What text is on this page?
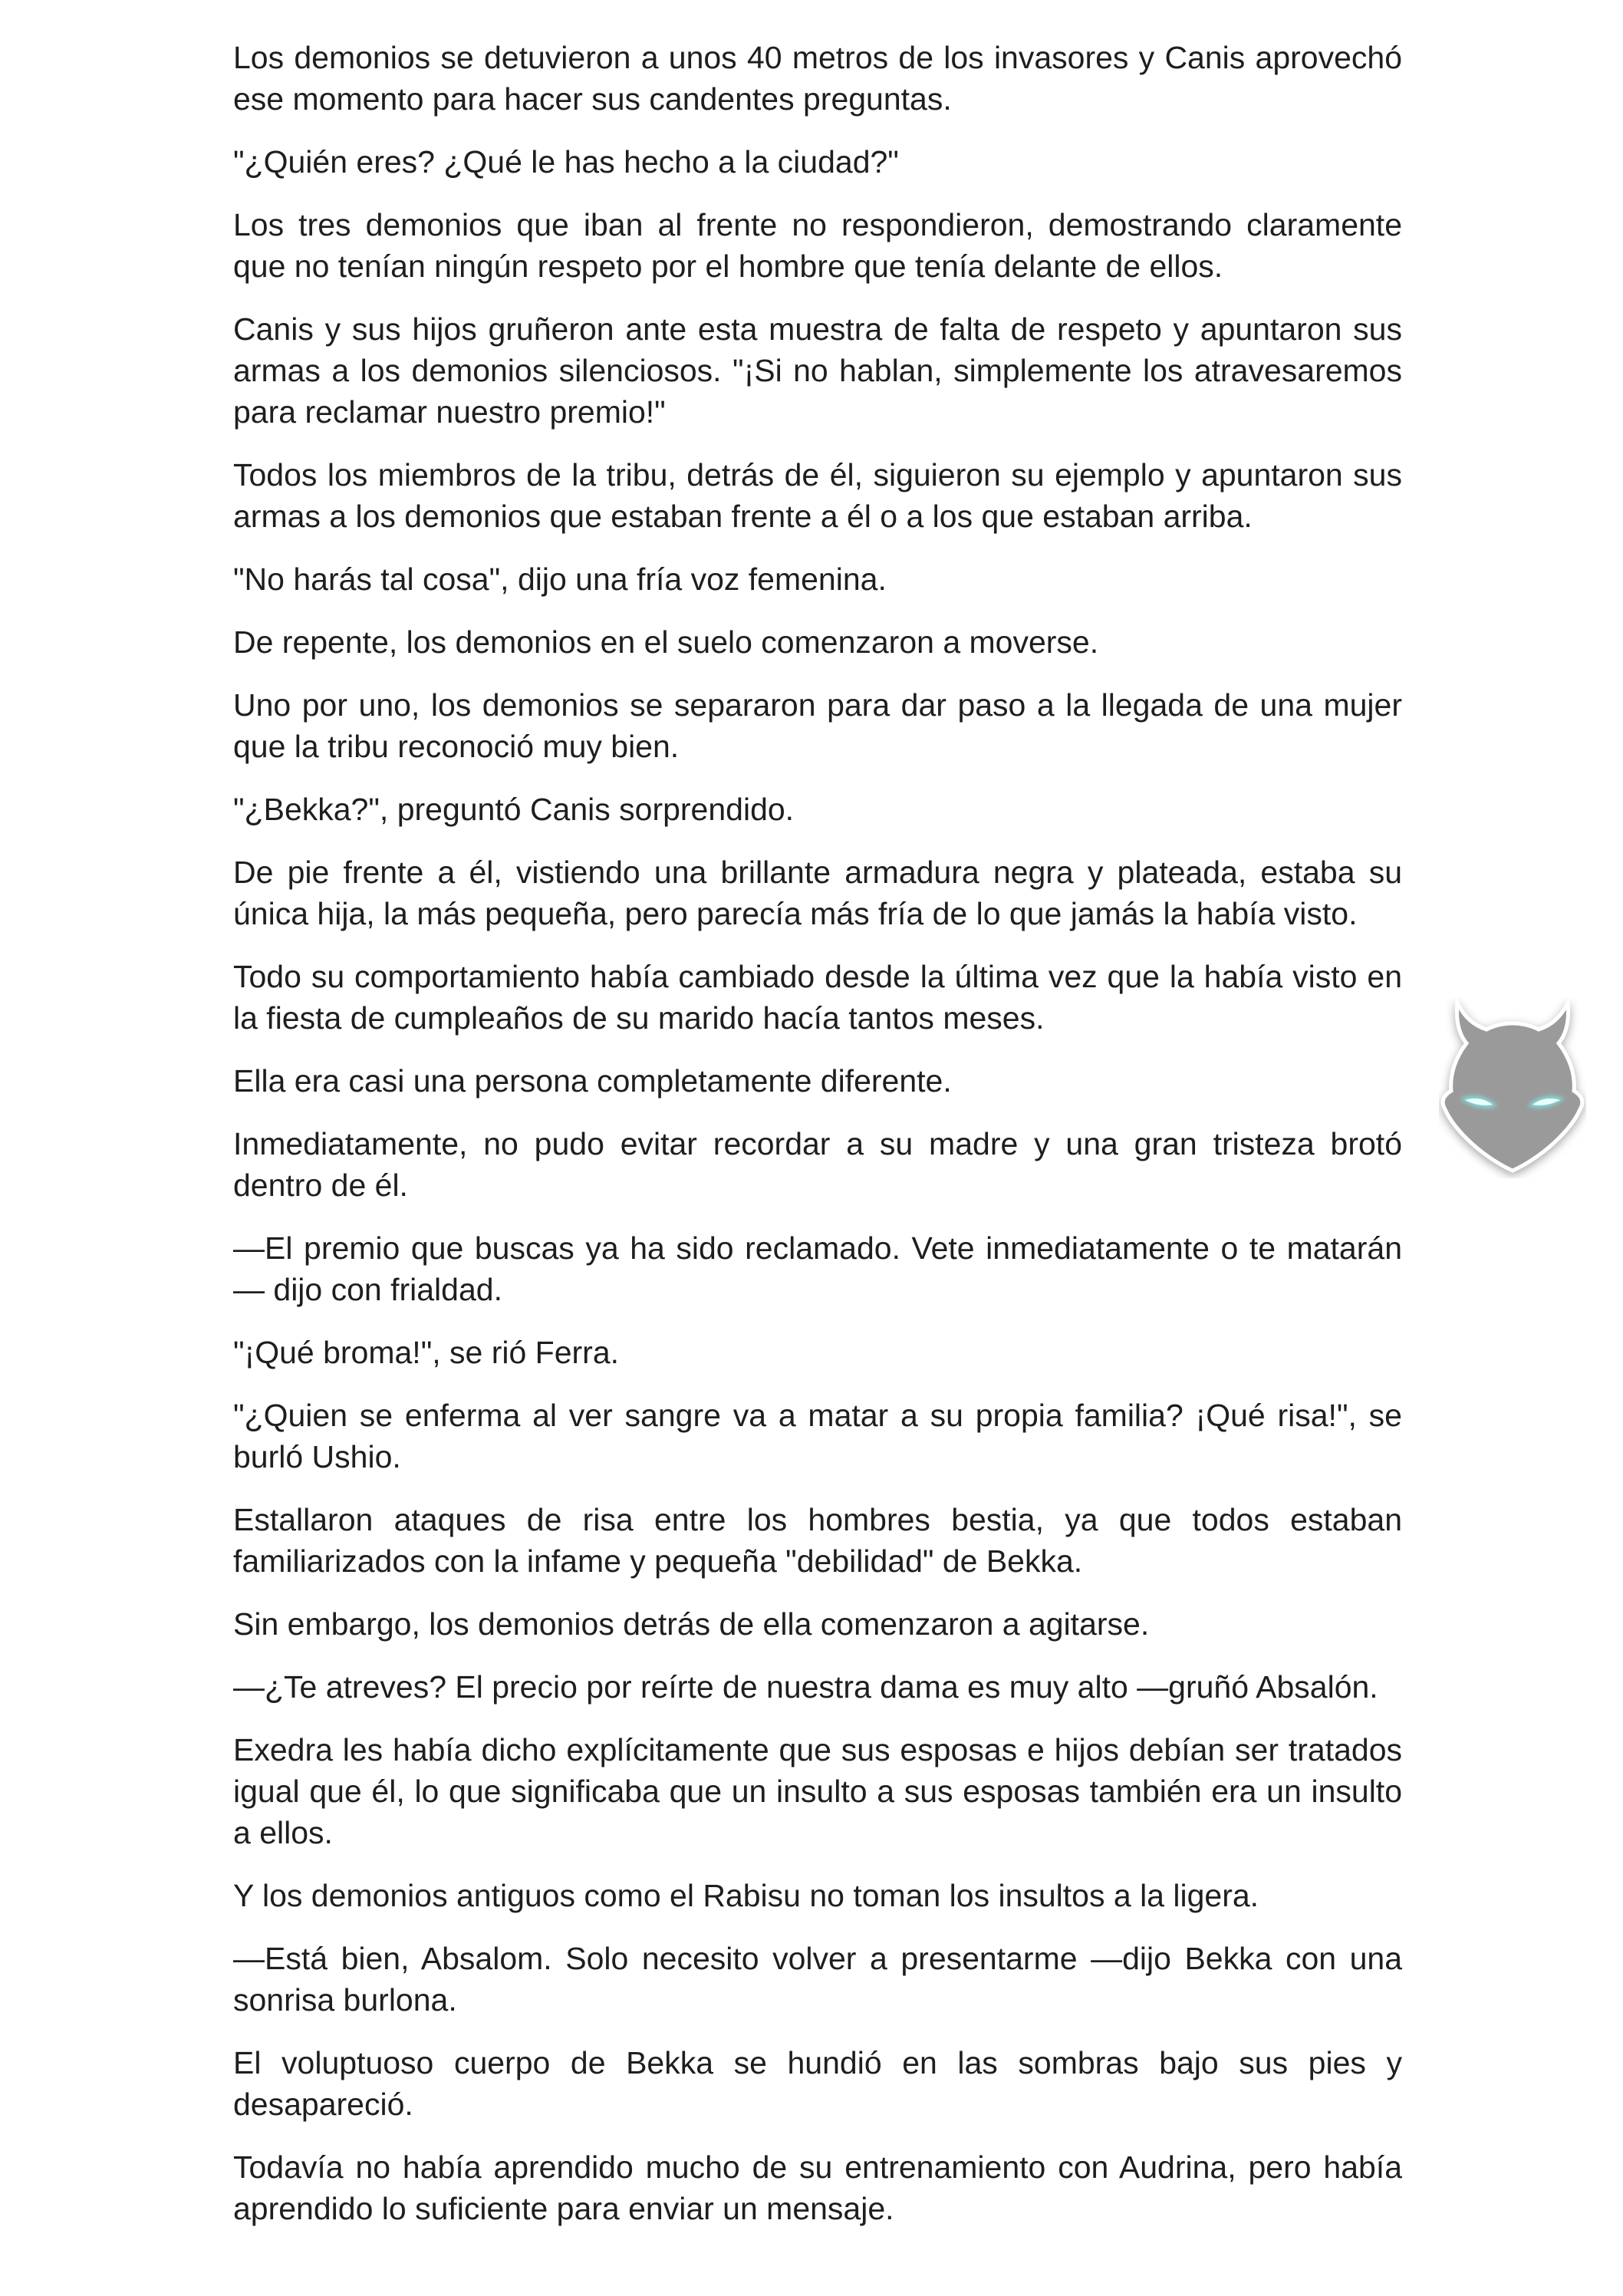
Los demonios se detuvieron a unos 40 metros de los invasores y Canis aprovechó ese momento para hacer sus candentes preguntas.

"¿Quién eres? ¿Qué le has hecho a la ciudad?"

Los tres demonios que iban al frente no respondieron, demostrando claramente que no tenían ningún respeto por el hombre que tenía delante de ellos.

Canis y sus hijos gruñeron ante esta muestra de falta de respeto y apuntaron sus armas a los demonios silenciosos. "¡Si no hablan, simplemente los atravesaremos para reclamar nuestro premio!"

Todos los miembros de la tribu, detrás de él, siguieron su ejemplo y apuntaron sus armas a los demonios que estaban frente a él o a los que estaban arriba.

"No harás tal cosa", dijo una fría voz femenina.

De repente, los demonios en el suelo comenzaron a moverse.

Uno por uno, los demonios se separaron para dar paso a la llegada de una mujer que la tribu reconoció muy bien.

"¿Bekka?", preguntó Canis sorprendido.

De pie frente a él, vistiendo una brillante armadura negra y plateada, estaba su única hija, la más pequeña, pero parecía más fría de lo que jamás la había visto.

Todo su comportamiento había cambiado desde la última vez que la había visto en la fiesta de cumpleaños de su marido hacía tantos meses.

Ella era casi una persona completamente diferente.

Inmediatamente, no pudo evitar recordar a su madre y una gran tristeza brotó dentro de él.

—El premio que buscas ya ha sido reclamado. Vete inmediatamente o te matarán — dijo con frialdad.

"¡Qué broma!", se rió Ferra.

"¿Quien se enferma al ver sangre va a matar a su propia familia? ¡Qué risa!", se burló Ushio.

Estallaron ataques de risa entre los hombres bestia, ya que todos estaban familiarizados con la infame y pequeña "debilidad" de Bekka.

Sin embargo, los demonios detrás de ella comenzaron a agitarse.

—¿Te atreves? El precio por reírte de nuestra dama es muy alto —gruñó Absalón.

Exedra les había dicho explícitamente que sus esposas e hijos debían ser tratados igual que él, lo que significaba que un insulto a sus esposas también era un insulto a ellos.

Y los demonios antiguos como el Rabisu no toman los insultos a la ligera.

—Está bien, Absalom. Solo necesito volver a presentarme —dijo Bekka con una sonrisa burlona.

El voluptuoso cuerpo de Bekka se hundió en las sombras bajo sus pies y desapareció.

Todavía no había aprendido mucho de su entrenamiento con Audrina, pero había aprendido lo suficiente para enviar un mensaje.
